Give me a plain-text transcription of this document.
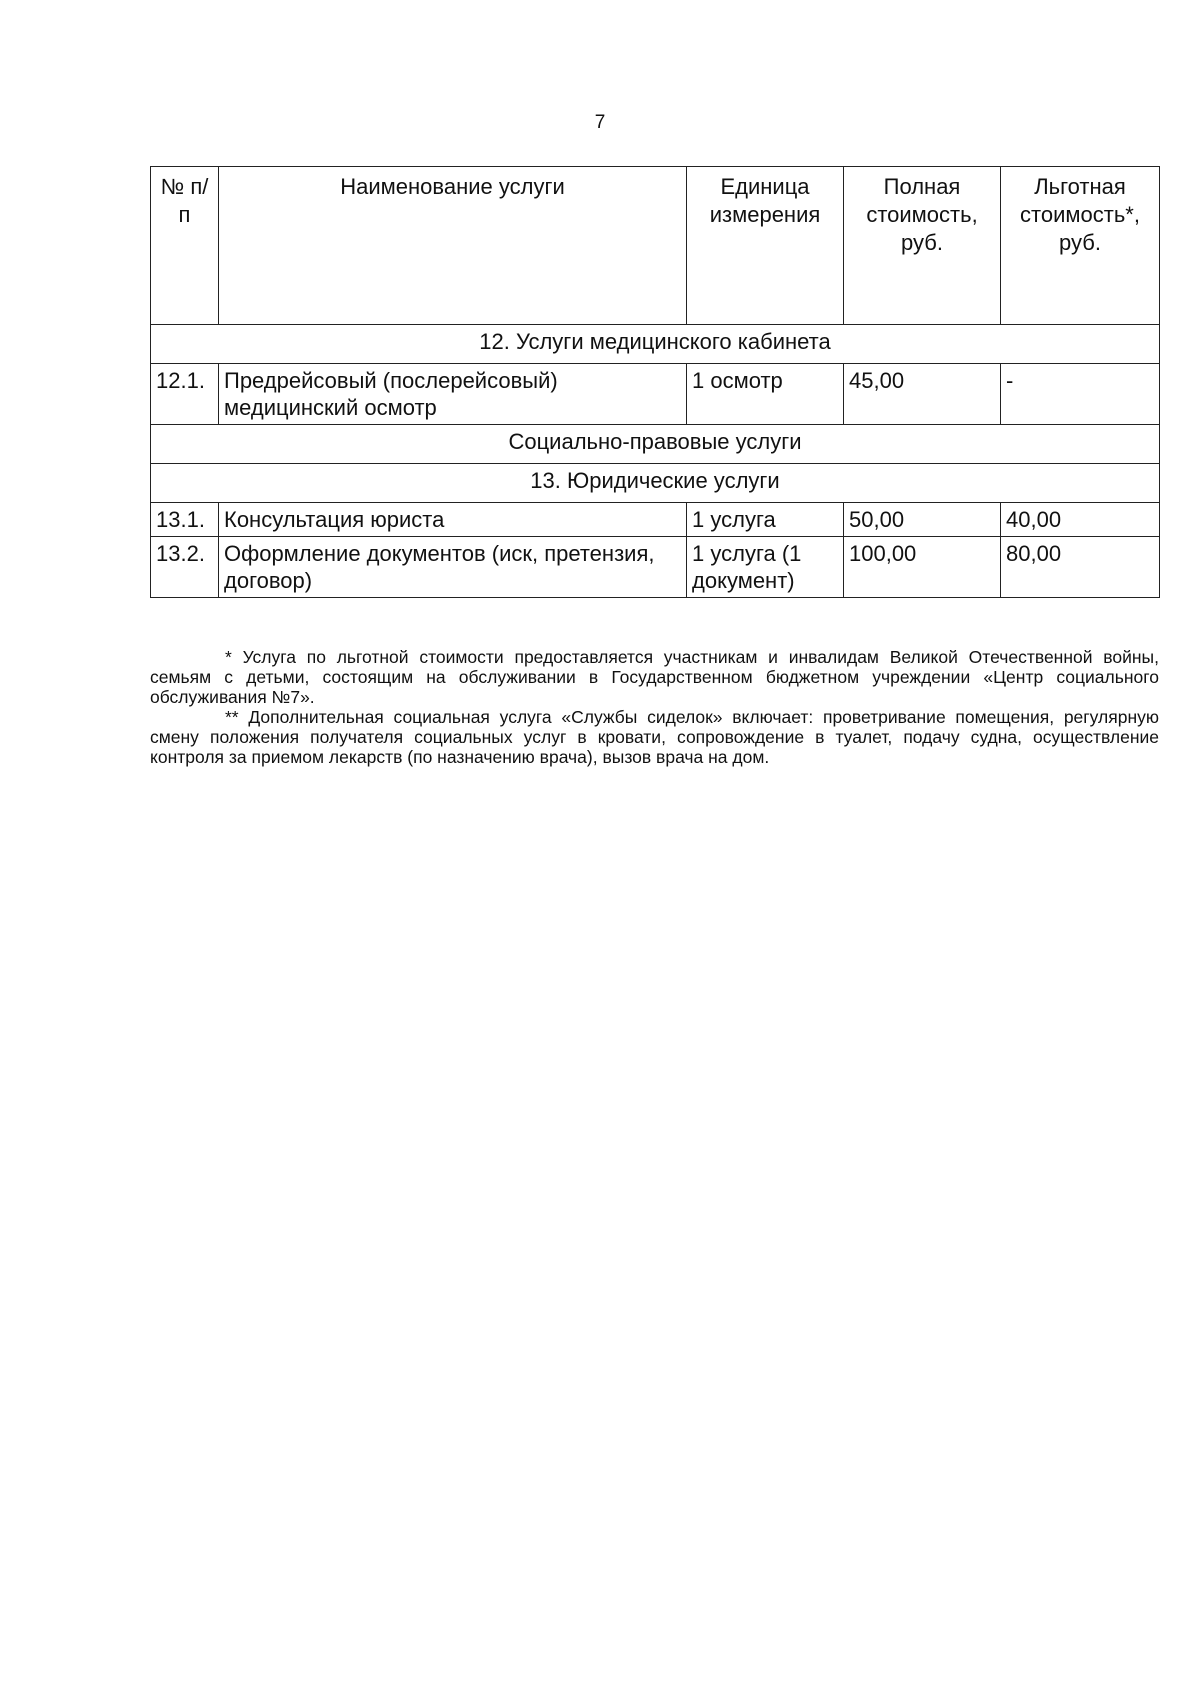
7
№ п/п	Наименование услуги	Единица измерения	Полная стоимость, руб.	Льготная стоимость*, руб.
12. Услуги медицинского кабинета				
12.1.	Предрейсовый (послерейсовый) медицинский осмотр	1 осмотр	45,00	-
Социально-правовые услуги				
13. Юридические услуги				
13.1.	Консультация юриста	1 услуга	50,00	40,00
13.2.	Оформление документов (иск, претензия, договор)	1 услуга (1 документ)	100,00	80,00

* Услуга по льготной стоимости предоставляется участникам и инвалидам Великой Отечественной войны, семьям с детьми, состоящим на обслуживании в Государственном бюджетном учреждении «Центр социального обслуживания №7».

** Дополнительная социальная услуга «Службы сиделок» включает: проветривание помещения, регулярную смену положения получателя социальных услуг в кровати, сопровождение в туалет, подачу судна, осуществление контроля за приемом лекарств (по назначению врача), вызов врача на дом.
